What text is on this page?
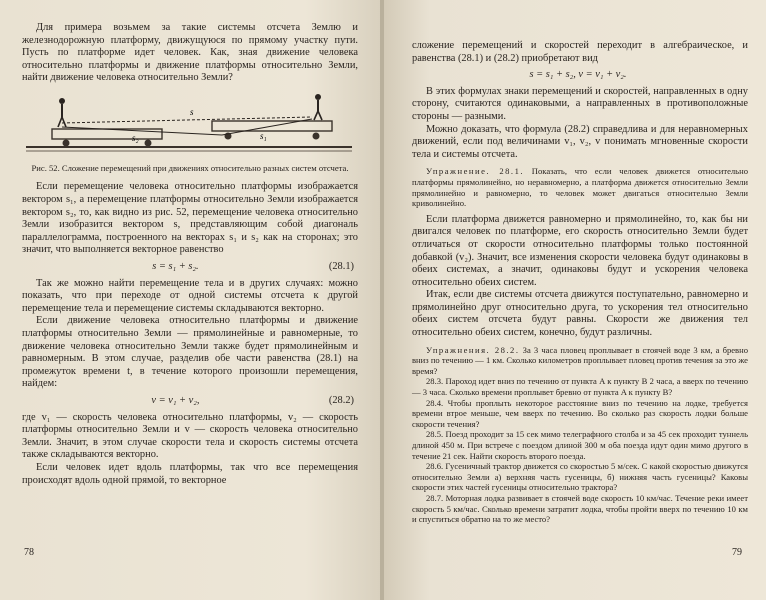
Для примера возьмем за такие системы отсчета Землю и железнодорожную платформу, движущуюся по прямому участку пути. Пусть по платформе идет человек. Как, зная движение человека относительно платформы и движение платформы относительно Земли, найти движение человека относительно Земли?

s
s₂	s₁
Рис. 52. Сложение перемещений при движениях относительно разных систем отсчета.

Если перемещение человека относительно платформы изображается вектором s₁, а перемещение платформы относительно Земли изображается вектором s₂, то, как видно из рис. 52, перемещение человека относительно Земли изобразится вектором s, представляющим собой диагональ параллелограмма, построенного на векторах s₁ и s₂ как на сторонах; это значит, что выполняется векторное равенство

s = s₁ + s₂.	(28.1)

Так же можно найти перемещение тела и в других случаях: можно показать, что при переходе от одной системы отсчета к другой перемещение тела и перемещение системы складываются векторно.

Если движение человека относительно платформы и движение платформы относительно Земли — прямолинейные и равномерные, то движение человека относительно Земли также будет прямолинейным и равномерным. В этом случае, разделив обе части равенства (28.1) на промежуток времени t, в течение которого произошли перемещения, найдем:

v = v₁ + v₂,	(28.2)

где v₁ — скорость человека относительно платформы, v₂ — скорость платформы относительно Земли и v — скорость человека относительно Земли. Значит, в этом случае скорости тела и скорость системы отсчета также складываются векторно.

Если человек идет вдоль платформы, так что все перемещения происходят вдоль одной прямой, то векторное

78

сложение перемещений и скоростей переходит в алгебраическое, и равенства (28.1) и (28.2) приобретают вид

s = s₁ + s₂, v = v₁ + v₂.

В этих формулах знаки перемещений и скоростей, направленных в одну сторону, считаются одинаковыми, а направленных в противоположные стороны — разными.

Можно доказать, что формула (28.2) справедлива и для неравномерных движений, если под величинами v₁, v₂, v понимать мгновенные скорости тела и системы отсчета.

Упражнение. 28.1. Показать, что если человек движется относительно платформы прямолинейно, но неравномерно, а платформа движется относительно Земли прямолинейно и равномерно, то человек может двигаться относительно Земли криволинейно.

Если платформа движется равномерно и прямолинейно, то, как бы ни двигался человек по платформе, его скорость относительно Земли будет отличаться от скорости относительно платформы только постоянной добавкой (v₂). Значит, все изменения скорости человека будут одинаковы в обеих системах, а значит, одинаковы будут и ускорения человека относительно обеих систем.

Итак, если две системы отсчета движутся поступательно, равномерно и прямолинейно друг относительно друга, то ускорения тел относительно обеих систем отсчета будут равны. Скорости же движения тел относительно обеих систем, конечно, будут различны.

Упражнения. 28.2. За 3 часа пловец проплывает в стоячей воде 3 км, а бревно вниз по течению — 1 км. Сколько километров проплывает пловец против течения за это же время?

28.3. Пароход идет вниз по течению от пункта A к пункту B 2 часа, а вверх по течению — 3 часа. Сколько времени проплывет бревно от пункта A к пункту B?

28.4. Чтобы проплыть некоторое расстояние вниз по течению на лодке, требуется времени втрое меньше, чем вверх по течению. Во сколько раз скорость лодки больше скорости течения?

28.5. Поезд проходит за 15 сек мимо телеграфного столба и за 45 сек проходит туннель длиной 450 м. При встрече с поездом длиной 300 м оба поезда идут один мимо другого в течение 21 сек. Найти скорость второго поезда.

28.6. Гусеничный трактор движется со скоростью 5 м/сек. С какой скоростью движутся относительно Земли а) верхняя часть гусеницы, б) нижняя часть гусеницы? Каковы скорости этих частей гусеницы относительно трактора?

28.7. Моторная лодка развивает в стоячей воде скорость 10 км/час. Течение реки имеет скорость 5 км/час. Сколько времени затратит лодка, чтобы пройти вверх по течению 10 км и спуститься обратно на то же место?

79
